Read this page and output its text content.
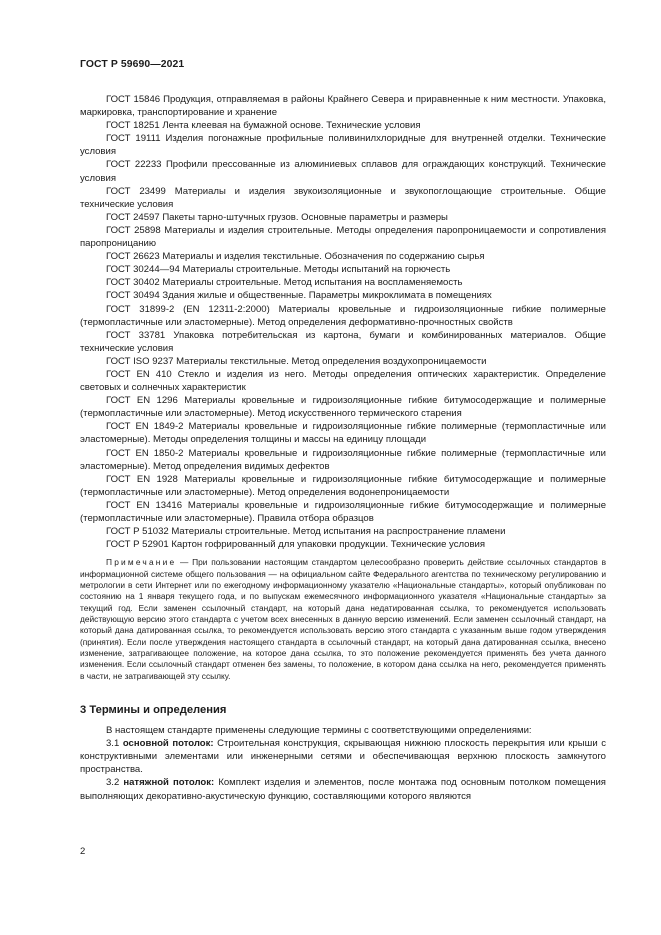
ГОСТ Р 59690—2021

ГОСТ 15846 Продукция, отправляемая в районы Крайнего Севера и приравненные к ним местности. Упаковка, маркировка, транспортирование и хранение

ГОСТ 18251 Лента клеевая на бумажной основе. Технические условия

ГОСТ 19111 Изделия погонажные профильные поливинилхлоридные для внутренней отделки. Технические условия

ГОСТ 22233 Профили прессованные из алюминиевых сплавов для ограждающих конструкций. Технические условия

ГОСТ 23499 Материалы и изделия звукоизоляционные и звукопоглощающие строительные. Общие технические условия

ГОСТ 24597 Пакеты тарно-штучных грузов. Основные параметры и размеры

ГОСТ 25898 Материалы и изделия строительные. Методы определения паропроницаемости и сопротивления паропроницанию

ГОСТ 26623 Материалы и изделия текстильные. Обозначения по содержанию сырья

ГОСТ 30244—94 Материалы строительные. Методы испытаний на горючесть

ГОСТ 30402 Материалы строительные. Метод испытания на воспламеняемость

ГОСТ 30494 Здания жилые и общественные. Параметры микроклимата в помещениях

ГОСТ 31899-2 (EN 12311-2:2000) Материалы кровельные и гидроизоляционные гибкие полимерные (термопластичные или эластомерные). Метод определения деформативно-прочностных свойств

ГОСТ 33781 Упаковка потребительская из картона, бумаги и комбинированных материалов. Общие технические условия

ГОСТ ISO 9237 Материалы текстильные. Метод определения воздухопроницаемости

ГОСТ EN 410 Стекло и изделия из него. Методы определения оптических характеристик. Определение световых и солнечных характеристик

ГОСТ EN 1296 Материалы кровельные и гидроизоляционные гибкие битумосодержащие и полимерные (термопластичные или эластомерные). Метод искусственного термического старения

ГОСТ EN 1849-2 Материалы кровельные и гидроизоляционные гибкие полимерные (термопластичные или эластомерные). Методы определения толщины и массы на единицу площади

ГОСТ EN 1850-2 Материалы кровельные и гидроизоляционные гибкие полимерные (термопластичные или эластомерные). Метод определения видимых дефектов

ГОСТ EN 1928 Материалы кровельные и гидроизоляционные гибкие битумосодержащие и полимерные (термопластичные или эластомерные). Метод определения водонепроницаемости

ГОСТ EN 13416 Материалы кровельные и гидроизоляционные гибкие битумосодержащие и полимерные (термопластичные или эластомерные). Правила отбора образцов

ГОСТ Р 51032 Материалы строительные. Метод испытания на распространение пламени

ГОСТ Р 52901 Картон гофрированный для упаковки продукции. Технические условия

Примечание — При пользовании настоящим стандартом целесообразно проверить действие ссылочных стандартов в информационной системе общего пользования — на официальном сайте Федерального агентства по техническому регулированию и метрологии в сети Интернет или по ежегодному информационному указателю «Национальные стандарты», который опубликован по состоянию на 1 января текущего года, и по выпускам ежемесячного информационного указателя «Национальные стандарты» за текущий год. Если заменен ссылочный стандарт, на который дана недатированная ссылка, то рекомендуется использовать действующую версию этого стандарта с учетом всех внесенных в данную версию изменений. Если заменен ссылочный стандарт, на который дана датированная ссылка, то рекомендуется использовать версию этого стандарта с указанным выше годом утверждения (принятия). Если после утверждения настоящего стандарта в ссылочный стандарт, на который дана датированная ссылка, внесено изменение, затрагивающее положение, на которое дана ссылка, то это положение рекомендуется применять без учета данного изменения. Если ссылочный стандарт отменен без замены, то положение, в котором дана ссылка на него, рекомендуется применять в части, не затрагивающей эту ссылку.
3 Термины и определения
В настоящем стандарте применены следующие термины с соответствующими определениями:
3.1 основной потолок: Строительная конструкция, скрывающая нижнюю плоскость перекрытия или крыши с конструктивными элементами или инженерными сетями и обеспечивающая верхнюю плоскость замкнутого пространства.
3.2 натяжной потолок: Комплект изделия и элементов, после монтажа под основным потолком помещения выполняющих декоративно-акустическую функцию, составляющими которого являются
2
